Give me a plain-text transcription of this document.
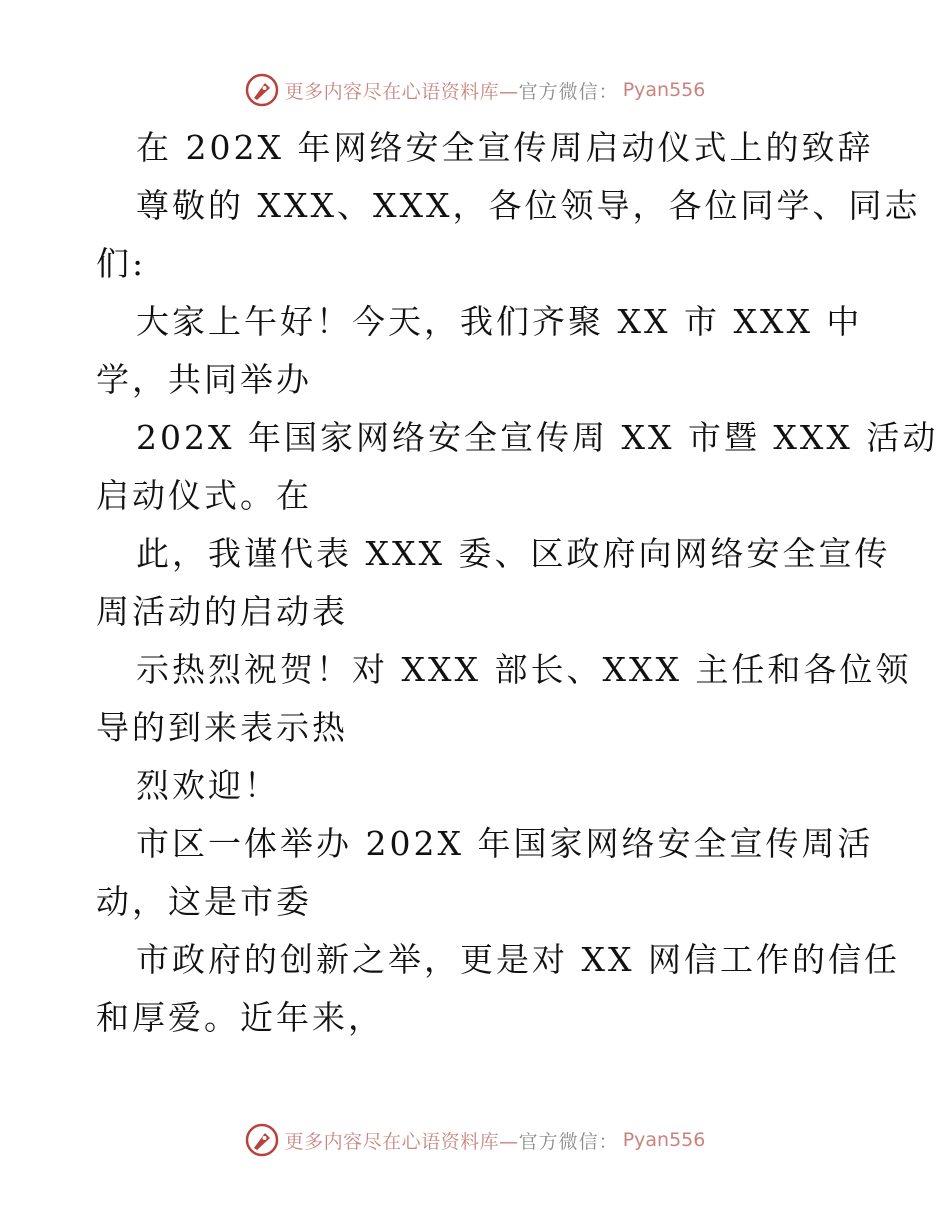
更多内容尽在心语资料库— 官方微信： Pyan556
在 202X 年网络安全宣传周启动仪式上的致辞
尊敬的 XXX、XXX，各位领导，各位同学、同志
们:
大家上午好！今天，我们齐聚 XX 市 XXX 中
学，共同举办
202X 年国家网络安全宣传周 XX 市暨 XXX 活动
启动仪式。在
此，我谨代表 XXX 委、区政府向网络安全宣传
周活动的启动表
示热烈祝贺！对 XXX 部长、XXX 主任和各位领
导的到来表示热
烈欢迎！
市区一体举办 202X 年国家网络安全宣传周活
动，这是市委
市政府的创新之举，更是对 XX 网信工作的信任
和厚爱。近年来，
更多内容尽在心语资料库— 官方微信： Pyan556
